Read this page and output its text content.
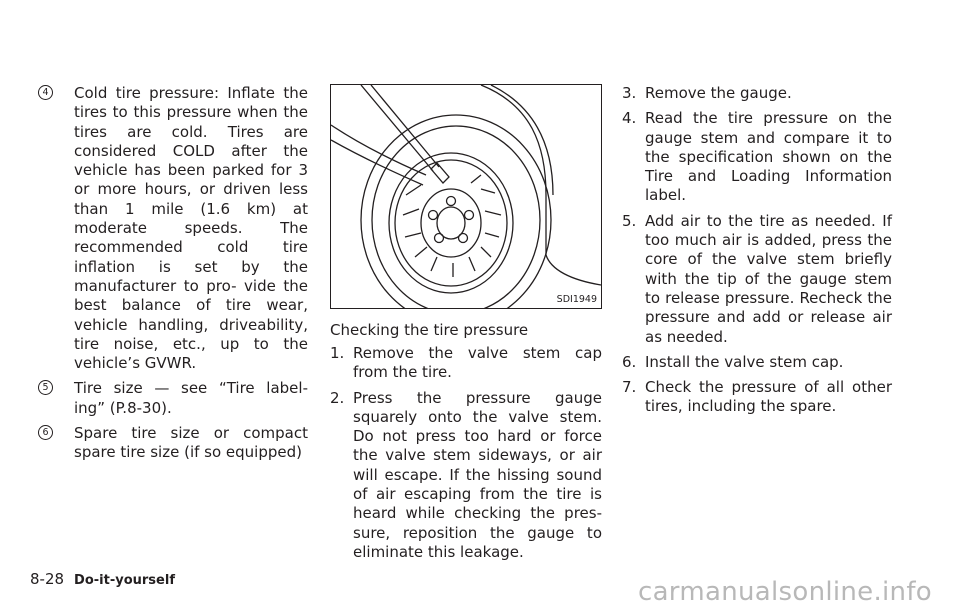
4 Cold tire pressure: Inflate the tires to this pressure when the tires are cold. Tires are considered COLD after the vehicle has been parked for 3 or more hours, or driven less than 1 mile (1.6 km) at moderate speeds. The recommended cold tire inflation is set by the manufacturer to pro- vide the best balance of tire wear, vehicle handling, driveability, tire noise, etc., up to the vehicle’s GVWR.

5 Tire size — see “Tire label- ing” (P.8-30).

6 Spare tire size or compact spare tire size (if so equipped)

SDI1949
Checking the tire pressure
1. Remove the valve stem cap from the tire.

2. Press the pressure gauge squarely onto the valve stem. Do not press too hard or force the valve stem sideways, or air will escape. If the hissing sound of air escaping from the tire is heard while checking the pres- sure, reposition the gauge to eliminate this leakage.

3. Remove the gauge.

4. Read the tire pressure on the gauge stem and compare it to the specification shown on the Tire and Loading Information label.

5. Add air to the tire as needed. If too much air is added, press the core of the valve stem briefly with the tip of the gauge stem to release pressure. Recheck the pressure and add or release air as needed.

6. Install the valve stem cap.

7. Check the pressure of all other tires, including the spare.

8-28 Do-it-yourself	carmanualsonline.info
